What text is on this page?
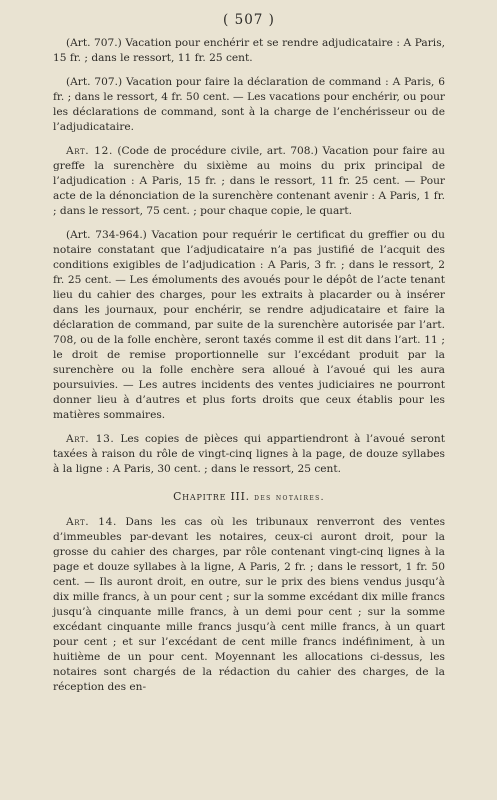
( 507 )

(Art. 707.) Vacation pour enchérir et se rendre adjudicataire : A Paris, 15 fr. ; dans le ressort, 11 fr. 25 cent.

(Art. 707.) Vacation pour faire la déclaration de command : A Paris, 6 fr. ; dans le ressort, 4 fr. 50 cent. — Les vacations pour enchérir, ou pour les déclarations de command, sont à la charge de l’enchérisseur ou de l’adjudicataire.

Art. 12. (Code de procédure civile, art. 708.) Vacation pour faire au greffe la surenchère du sixième au moins du prix principal de l’adjudication : A Paris, 15 fr. ; dans le ressort, 11 fr. 25 cent. — Pour acte de la dénonciation de la surenchère contenant avenir : A Paris, 1 fr. ; dans le ressort, 75 cent. ; pour chaque copie, le quart.

(Art. 734-964.) Vacation pour requérir le certificat du greffier ou du notaire constatant que l’adjudicataire n’a pas justifié de l’acquit des conditions exigibles de l’adjudication : A Paris, 3 fr. ; dans le ressort, 2 fr. 25 cent. — Les émoluments des avoués pour le dépôt de l’acte tenant lieu du cahier des charges, pour les extraits à placarder ou à insérer dans les journaux, pour enchérir, se rendre adjudicataire et faire la déclaration de command, par suite de la surenchère autorisée par l’art. 708, ou de la folle enchère, seront taxés comme il est dit dans l’art. 11 ; le droit de remise proportionnelle sur l’excédant produit par la surenchère ou la folle enchère sera alloué à l’avoué qui les aura poursuivies. — Les autres incidents des ventes judiciaires ne pourront donner lieu à d’autres et plus forts droits que ceux établis pour les matières sommaires.

Art. 13. Les copies de pièces qui appartiendront à l’avoué seront taxées à raison du rôle de vingt-cinq lignes à la page, de douze syllabes à la ligne : A Paris, 30 cent. ; dans le ressort, 25 cent.

Chapitre III. des notaires.

Art. 14. Dans les cas où les tribunaux renverront des ventes d’immeubles par-devant les notaires, ceux-ci auront droit, pour la grosse du cahier des charges, par rôle contenant vingt-cinq lignes à la page et douze syllabes à la ligne, A Paris, 2 fr. ; dans le ressort, 1 fr. 50 cent. — Ils auront droit, en outre, sur le prix des biens vendus jusqu’à dix mille francs, à un pour cent ; sur la somme excédant dix mille francs jusqu’à cinquante mille francs, à un demi pour cent ; sur la somme excédant cinquante mille francs jusqu’à cent mille francs, à un quart pour cent ; et sur l’excédant de cent mille francs indéfiniment, à un huitième de un pour cent. Moyennant les allocations ci-dessus, les notaires sont chargés de la rédaction du cahier des charges, de la réception des en-
